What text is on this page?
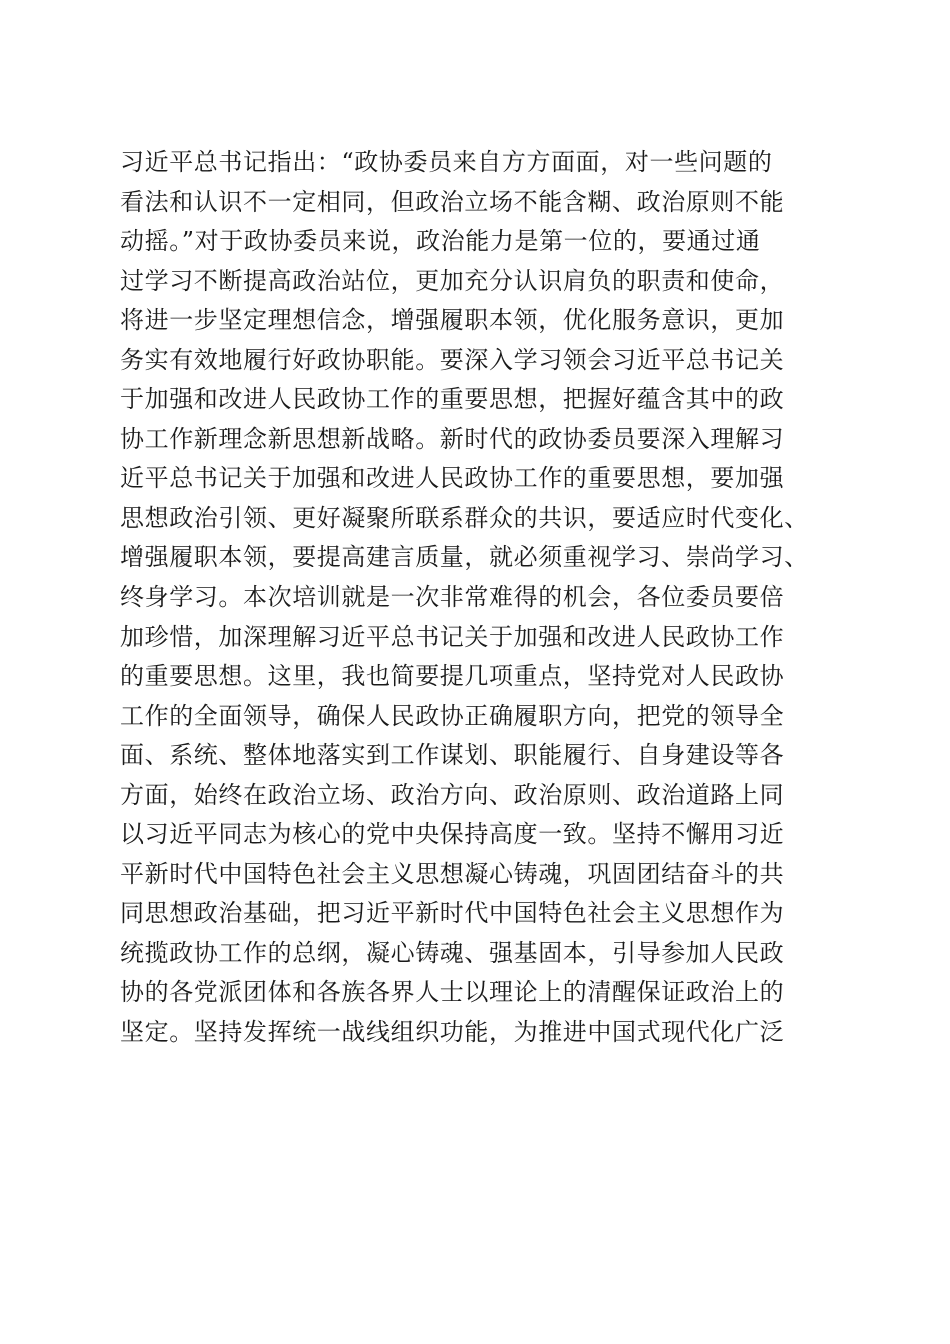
习近平总书记指出：“政协委员来自方方面面，对一些问题的
看法和认识不一定相同，但政治立场不能含糊、政治原则不能
动摇。”对于政协委员来说，政治能力是第一位的，要通过通
过学习不断提高政治站位，更加充分认识肩负的职责和使命，
将进一步坚定理想信念，增强履职本领，优化服务意识，更加
务实有效地履行好政协职能。要深入学习领会习近平总书记关
于加强和改进人民政协工作的重要思想，把握好蕴含其中的政
协工作新理念新思想新战略。新时代的政协委员要深入理解习
近平总书记关于加强和改进人民政协工作的重要思想，要加强
思想政治引领、更好凝聚所联系群众的共识，要适应时代变化、
增强履职本领，要提高建言质量，就必须重视学习、崇尚学习、
终身学习。本次培训就是一次非常难得的机会，各位委员要倍
加珍惜，加深理解习近平总书记关于加强和改进人民政协工作
的重要思想。这里，我也简要提几项重点，坚持党对人民政协
工作的全面领导，确保人民政协正确履职方向，把党的领导全
面、系统、整体地落实到工作谋划、职能履行、自身建设等各
方面，始终在政治立场、政治方向、政治原则、政治道路上同
以习近平同志为核心的党中央保持高度一致。坚持不懈用习近
平新时代中国特色社会主义思想凝心铸魂，巩固团结奋斗的共
同思想政治基础，把习近平新时代中国特色社会主义思想作为
统揽政协工作的总纲，凝心铸魂、强基固本，引导参加人民政
协的各党派团体和各族各界人士以理论上的清醒保证政治上的
坚定。坚持发挥统一战线组织功能，为推进中国式现代化广泛
